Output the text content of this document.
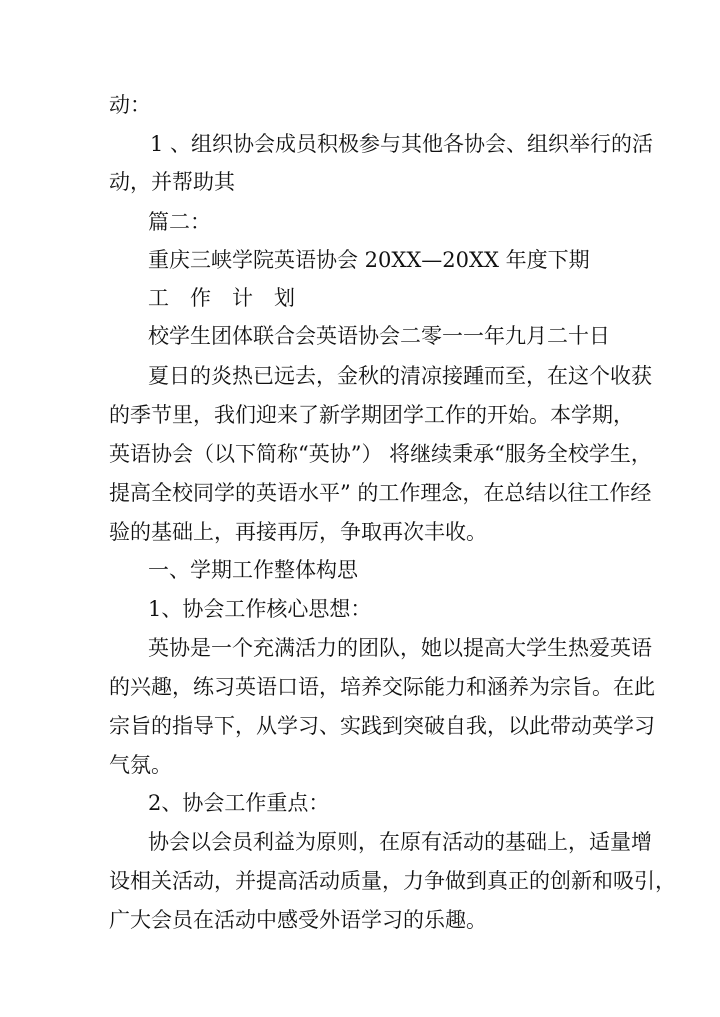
动：
1 、组织协会成员积极参与其他各协会、组织举行的活
动，并帮助其
篇二：
重庆三峡学院英语协会 20XX—20XX 年度下期
工　作　计　划
校学生团体联合会英语协会二零一一年九月二十日
夏日的炎热已远去，金秋的清凉接踵而至，在这个收获
的季节里，我们迎来了新学期团学工作的开始。本学期，
英语协会（以下简称“英协”） 将继续秉承“服务全校学生，
提高全校同学的英语水平” 的工作理念，在总结以往工作经
验的基础上，再接再厉，争取再次丰收。
一、学期工作整体构思
1、协会工作核心思想：
英协是一个充满活力的团队，她以提高大学生热爱英语
的兴趣，练习英语口语，培养交际能力和涵养为宗旨。在此
宗旨的指导下，从学习、实践到突破自我，以此带动英学习
气氛。
2、协会工作重点：
协会以会员利益为原则，在原有活动的基础上，适量增
设相关活动，并提高活动质量，力争做到真正的创新和吸引，
广大会员在活动中感受外语学习的乐趣。
